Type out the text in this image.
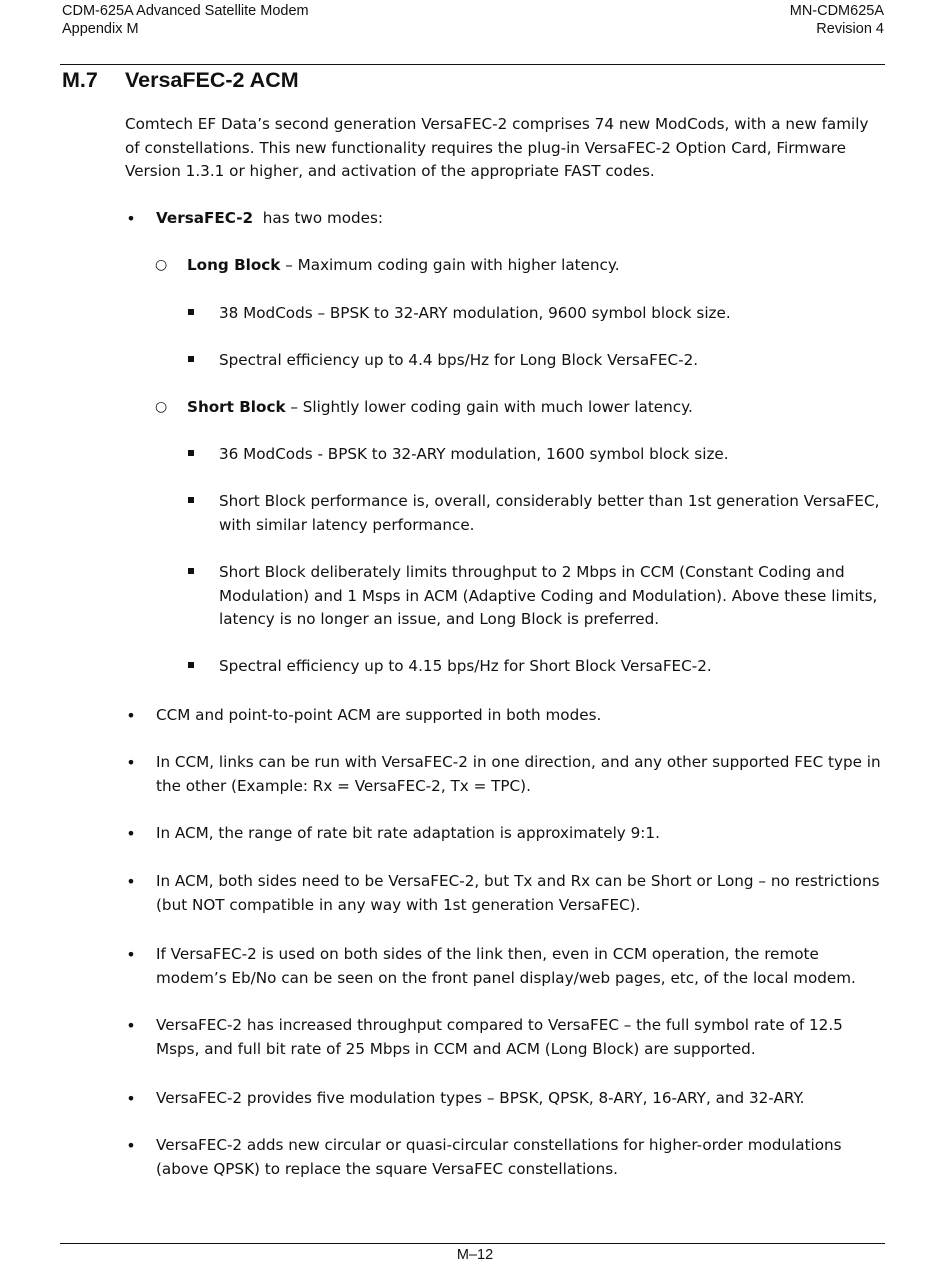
CDM-625A Advanced Satellite Modem
Appendix M
MN-CDM625A
Revision 4
M.7 VersaFEC-2 ACM

Comtech EF Data’s second generation VersaFEC-2 comprises 74 new ModCods, with a new family of constellations. This new functionality requires the plug-in VersaFEC-2 Option Card, Firmware Version 1.3.1 or higher, and activation of the appropriate FAST codes.

• VersaFEC-2  has two modes:
○ Long Block – Maximum coding gain with higher latency.
38 ModCods – BPSK to 32-ARY modulation, 9600 symbol block size.
Spectral efficiency up to 4.4 bps/Hz for Long Block VersaFEC-2.
○ Short Block – Slightly lower coding gain with much lower latency.
36 ModCods - BPSK to 32-ARY modulation, 1600 symbol block size.
Short Block performance is, overall, considerably better than 1st generation VersaFEC, with similar latency performance.
Short Block deliberately limits throughput to 2 Mbps in CCM (Constant Coding and Modulation) and 1 Msps in ACM (Adaptive Coding and Modulation). Above these limits, latency is no longer an issue, and Long Block is preferred.
Spectral efficiency up to 4.15 bps/Hz for Short Block VersaFEC-2.
• CCM and point-to-point ACM are supported in both modes.
• In CCM, links can be run with VersaFEC-2 in one direction, and any other supported FEC type in the other (Example: Rx = VersaFEC-2, Tx = TPC).
• In ACM, the range of rate bit rate adaptation is approximately 9:1.
• In ACM, both sides need to be VersaFEC-2, but Tx and Rx can be Short or Long – no restrictions (but NOT compatible in any way with 1st generation VersaFEC).
• If VersaFEC-2 is used on both sides of the link then, even in CCM operation, the remote modem’s Eb/No can be seen on the front panel display/web pages, etc, of the local modem.
• VersaFEC-2 has increased throughput compared to VersaFEC – the full symbol rate of 12.5 Msps, and full bit rate of 25 Mbps in CCM and ACM (Long Block) are supported.
• VersaFEC-2 provides five modulation types – BPSK, QPSK, 8-ARY, 16-ARY, and 32-ARY.
• VersaFEC-2 adds new circular or quasi-circular constellations for higher-order modulations (above QPSK) to replace the square VersaFEC constellations.
M–12
